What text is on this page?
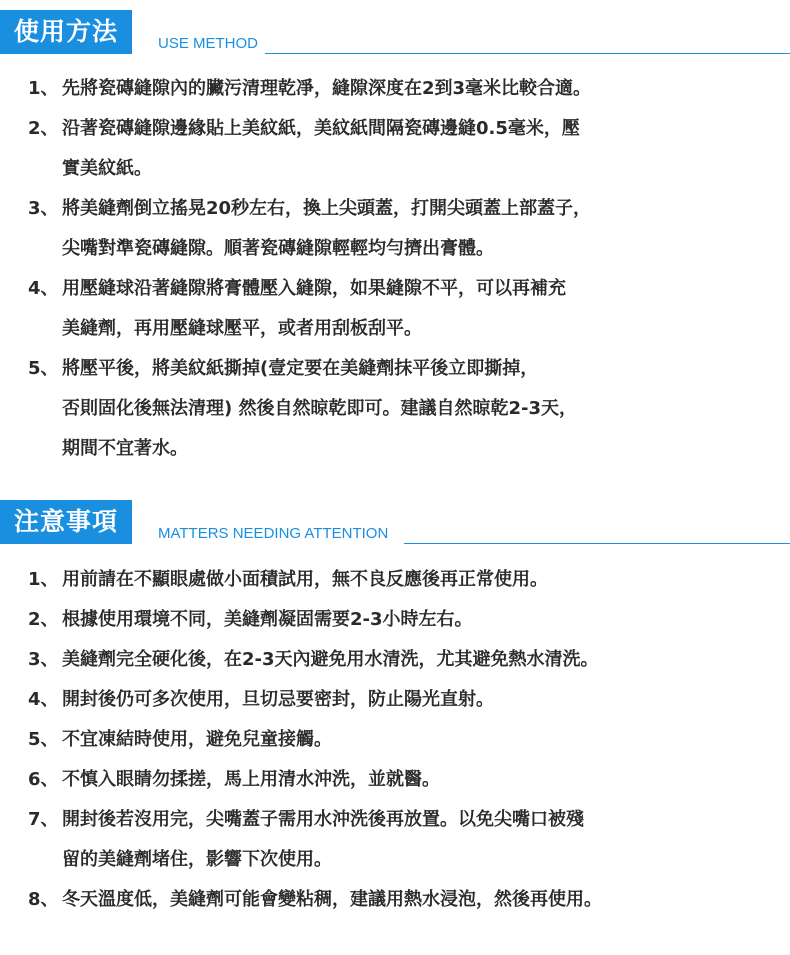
使用方法	USE METHOD
1、 先將瓷磚縫隙內的臟污清理乾凈，縫隙深度在2到3毫米比較合適。
2、 沿著瓷磚縫隙邊緣貼上美紋紙，美紋紙間隔瓷磚邊縫0.5毫米，壓
實美紋紙。
3、 將美縫劑倒立搖晃20秒左右，換上尖頭蓋，打開尖頭蓋上部蓋子，
尖嘴對準瓷磚縫隙。順著瓷磚縫隙輕輕均勻擠出膏體。
4、 用壓縫球沿著縫隙將膏體壓入縫隙，如果縫隙不平，可以再補充
美縫劑，再用壓縫球壓平，或者用刮板刮平。
5、 將壓平後，將美紋紙撕掉(壹定要在美縫劑抹平後立即撕掉，
否則固化後無法清理) 然後自然晾乾即可。建議自然晾乾2-3天，
期間不宜著水。
注意事項	MATTERS NEEDING ATTENTION
1、 用前請在不顯眼處做小面積試用，無不良反應後再正常使用。
2、 根據使用環境不同，美縫劑凝固需要2-3小時左右。
3、 美縫劑完全硬化後，在2-3天內避免用水清洗，尤其避免熱水清洗。
4、 開封後仍可多次使用，旦切忌要密封，防止陽光直射。
5、 不宜凍結時使用，避免兒童接觸。
6、 不慎入眼睛勿揉搓，馬上用清水沖洗，並就醫。
7、 開封後若沒用完，尖嘴蓋子需用水沖洗後再放置。以免尖嘴口被殘
留的美縫劑堵住，影響下次使用。
8、 冬天溫度低，美縫劑可能會變粘稠，建議用熱水浸泡，然後再使用。
